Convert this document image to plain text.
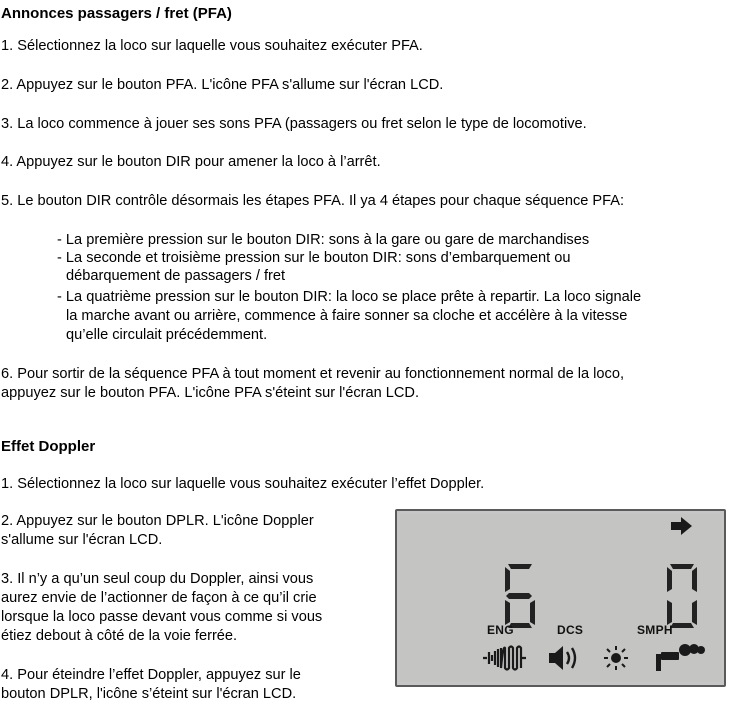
Annonces passagers / fret (PFA)

1. Sélectionnez la loco sur laquelle vous souhaitez exécuter PFA.

2. Appuyez sur le bouton PFA. L'icône PFA s'allume sur l'écran LCD.

3. La loco commence à jouer ses sons PFA (passagers ou fret selon le type de locomotive.

4. Appuyez sur le bouton DIR pour amener la loco à l’arrêt.

5. Le bouton DIR contrôle désormais les étapes PFA. Il ya 4 étapes pour chaque séquence PFA:

- La première pression sur le bouton DIR: sons à la gare ou gare de marchandises

- La seconde et troisième pression sur le bouton DIR: sons d’embarquement ou

débarquement de passagers / fret

- La quatrième pression sur le bouton DIR: la loco se place prête à repartir. La loco signale

la marche avant ou arrière, commence à faire sonner sa cloche et accélère à la vitesse

qu’elle circulait précédemment.

6. Pour sortir de la séquence PFA à tout moment et revenir au fonctionnement normal de la loco,

appuyez sur le bouton PFA. L'icône PFA s'éteint sur l'écran LCD.

Effet Doppler

1. Sélectionnez la loco sur laquelle vous souhaitez exécuter l’effet Doppler.

2. Appuyez sur le bouton DPLR. L'icône Doppler

s'allume sur l'écran LCD.

3. Il n’y a qu’un seul coup du Doppler, ainsi vous

aurez envie de l’actionner de façon à ce qu’il crie

lorsque la loco passe devant vous comme si vous

étiez debout à côté de la voie ferrée.

4. Pour éteindre l’effet Doppler, appuyez sur le

bouton DPLR, l'icône s’éteint sur l'écran LCD.

ENG	DCS	SMPH
